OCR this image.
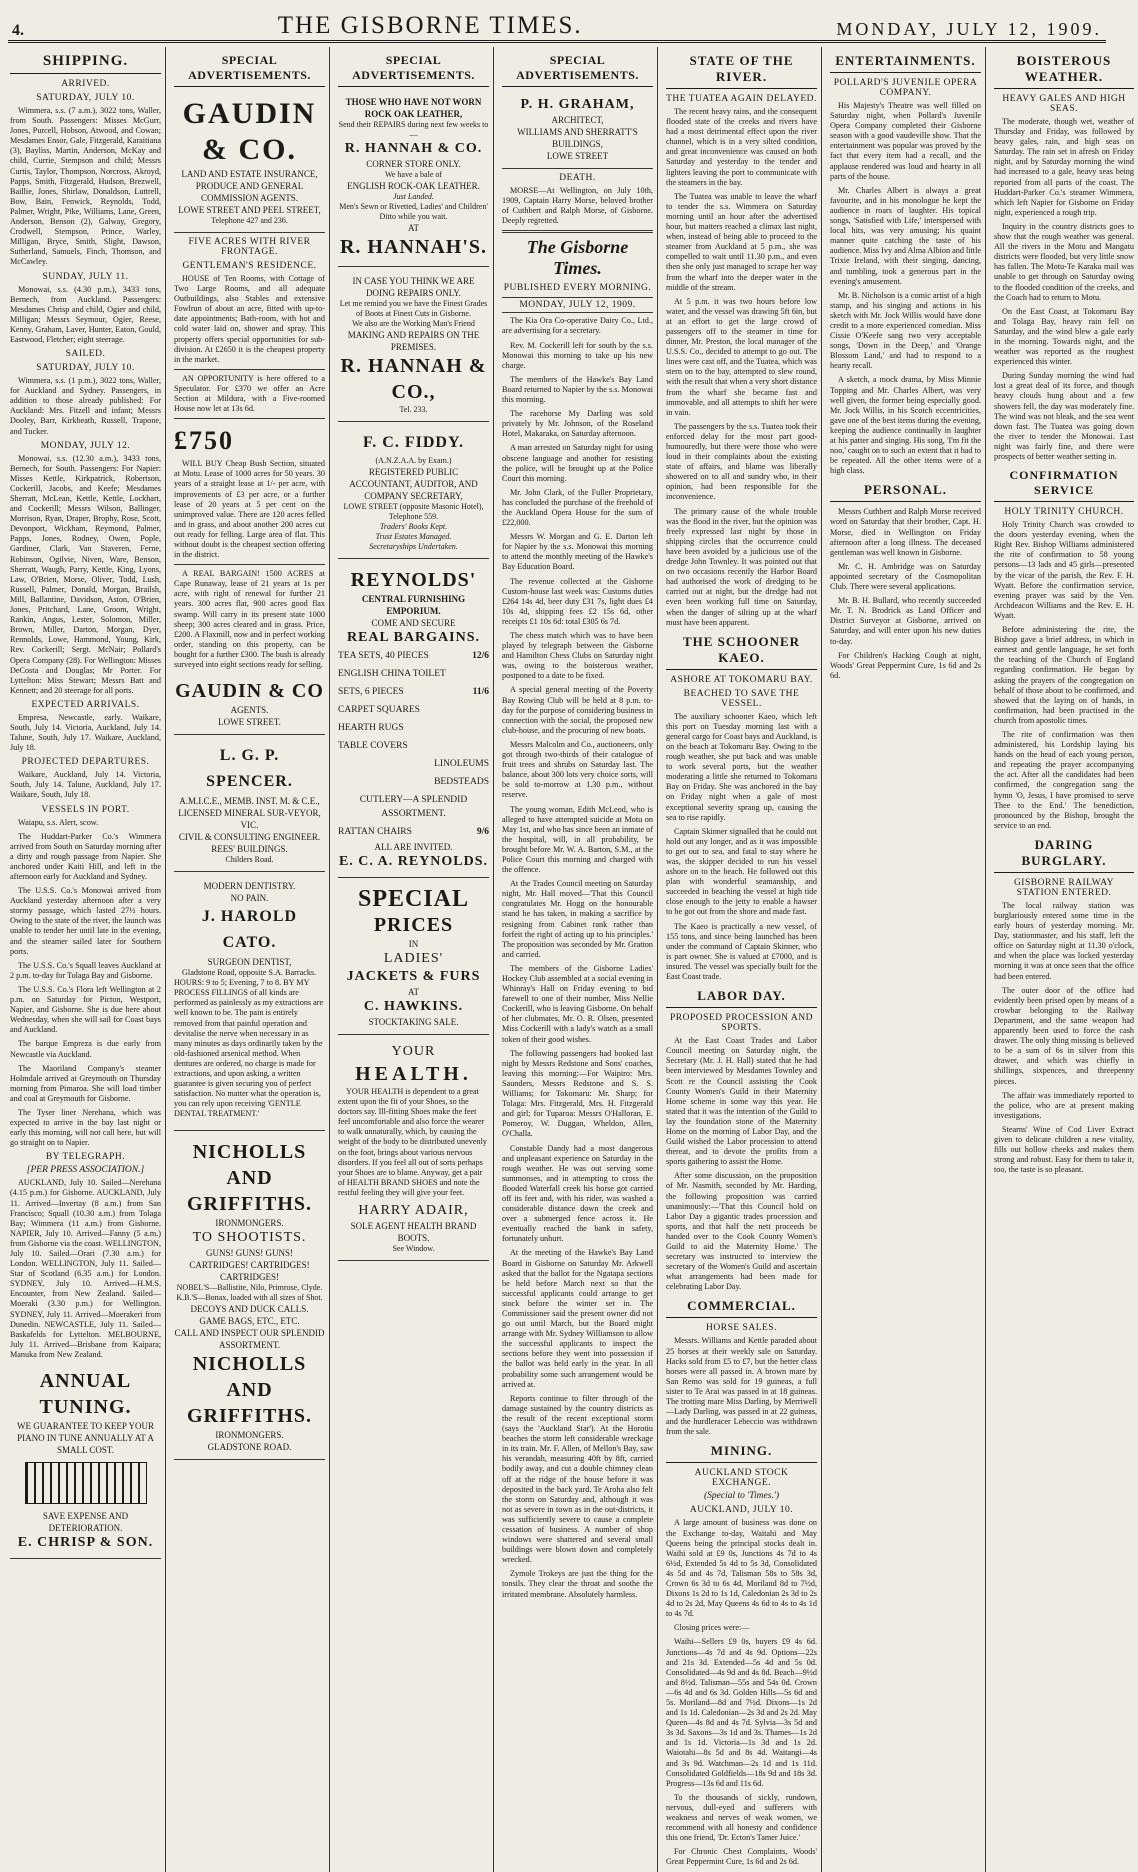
4.	THE GISBORNE TIMES.	MONDAY, JULY 12, 1909.
SHIPPING.
ARRIVED.
SATURDAY, JULY 10.

Wimmera, s.s. (7 a.m.), 3022 tons, Waller, from South. Passengers: Misses McGurr, Jones, Purcell, Hobson, Atwood, and Cowan; Mesdames Ensor, Gale, Fitzgerald, Karaitiana (3), Bayliss, Martin, Anderson, McKay and child, Currie, Stempson and child; Messrs Curtis, Taylor, Thompson, Norcross, Akroyd, Papps, Smith, Fitzgerald, Hudson, Brezwell, Baillie, Jones, Shirlaw, Donaldson, Luttrell, Bow, Bain, Fenwick, Reynolds, Todd, Palmer, Wright, Pike, Williams, Lane, Green, Anderson, Benson (2), Galway, Gregory, Crodwell, Stempson, Prince, Warley, Milligan, Bryce, Smith, Slight, Dawson, Sutherland, Samuels, Finch, Thomson, and McCawley.

SUNDAY, JULY 11.

Monowai, s.s. (4.30 p.m.), 3433 tons, Bernech, from Auckland. Passengers: Mesdames Chrisp and child, Ogier and child, Milligan; Messrs Seymour, Ogier, Reese, Kenny, Graham, Laver, Hunter, Eaton, Gould, Eastwood, Fletcher; eight steerage.

SAILED.
SATURDAY, JULY 10.

Wimmera, s.s. (1 p.m.), 3022 tons, Waller, for Auckland and Sydney. Passengers, in addition to those already published: For Auckland: Mrs. Fitzell and infant; Messrs Dooley, Barr, Kirkbeath, Russell, Trapone, and Tucker.

MONDAY, JULY 12.

Monowai, s.s. (12.30 a.m.), 3433 tons, Bernech, for South. Passengers: For Napier: Misses Kettle, Kirkpatrick, Robertson, Cockerill, Jacobs, and Keefe; Mesdames Sherratt, McLean, Kettle, Kettle, Lockhart, and Cockerill; Messrs Wilson, Ballinger, Morrison, Ryan, Draper, Brophy, Rose, Scott, Devonport, Wickham, Reymond, Palmer, Papps, Jones, Rodney, Owen, Pople, Gardiner, Clark, Van Staveren, Ferne, Robinson, Ogilvie, Niven, Ware, Benson, Sherratt, Waugh, Parry, Kettle, King, Lyons, Law, O'Brien, Morse, Oliver, Todd, Lush, Russell, Palmer, Donald, Morgan, Brailsh, Mill, Ballantine, Davidson, Aston, O'Brien, Jones, Pritchard, Lane, Groom, Wright, Rankin, Angus, Lester, Solomon, Miller, Brown, Miller, Darton, Morgan, Dyer, Rennolds, Lowe, Hammond, Young, Kirk, Rev. Cockerill; Sergt. McNair; Pollard's Opera Company (28). For Wellington: Misses DeCosta and Douglas; Mr Porter. For Lyttelton: Miss Stewart; Messrs Batt and Kennett; and 20 steerage for all ports.

EXPECTED ARRIVALS.

Empresa, Newcastle, early. Waikare, South, July 14. Victoria, Auckland, July 14. Talune, South, July 17. Waikare, Auckland, July 18.

PROJECTED DEPARTURES.

Waikare, Auckland, July 14. Victoria, South, July 14. Talune, Auckland, July 17. Waikare, South, July 18.

VESSELS IN PORT.

Waiapu, s.s. Alert, scow.

The Huddart-Parker Co.'s Wimmera arrived from South on Saturday morning after a dirty and rough passage from Napier. She anchored under Kaiti Hill, and left in the afternoon early for Auckland and Sydney.

The U.S.S. Co.'s Monowai arrived from Auckland yesterday afternoon after a very stormy passage, which lasted 27½ hours. Owing to the state of the river, the launch was unable to tender her until late in the evening, and the steamer sailed later for Southern ports.

The U.S.S. Co.'s Squall leaves Auckland at 2 p.m. to-day for Tolaga Bay and Gisborne.

The U.S.S. Co.'s Flora left Wellington at 2 p.m. on Saturday for Picton, Westport, Napier, and Gisborne. She is due here about Wednesday, when she will sail for Coast bays and Auckland.

The barque Empreza is due early from Newcastle via Auckland.

The Maoriland Company's steamer Holmdale arrived at Greymouth on Thursday morning from Pimaroa. She will load timber and coal at Greymouth for Gisborne.

The Tyser liner Nerehana, which was expected to arrive in the bay last night or early this morning, will not call here, but will go straight on to Napier.

BY TELEGRAPH.
[PER PRESS ASSOCIATION.]

AUCKLAND, July 10. Sailed—Nerehana (4.15 p.m.) for Gisborne. AUCKLAND, July 11. Arrived—Invertay (8 a.m.) from San Francisco; Squall (10.30 a.m.) from Tolaga Bay; Wimmera (11 a.m.) from Gisborne. NAPIER, July 10. Arrived—Fanny (5 a.m.) from Gisborne via the coast. WELLINGTON, July 10. Sailed—Orari (7.30 a.m.) for London. WELLINGTON, July 11. Sailed—Star of Scotland (6.35 a.m.) for London. SYDNEY, July 10. Arrived—H.M.S. Encounter, from New Zealand. Sailed—Moeraki (3.30 p.m.) for Wellington. SYDNEY, July 11. Arrived—Moerakeri from Dunedin. NEWCASTLE, July 11. Sailed—Baskafelds for Lyttelton. MELBOURNE, July 11. Arrived—Brisbane from Kaipara; Manuka from New Zealand.

ANNUAL
TUNING.
WE GUARANTEE TO KEEP YOUR PIANO IN TUNE ANNUALLY AT A SMALL COST.
SAVE EXPENSE AND DETERIORATION.
E. CHRISP & SON.
SPECIAL ADVERTISEMENTS.
GAUDIN & CO.
LAND AND ESTATE INSURANCE, PRODUCE AND GENERAL COMMISSION AGENTS.
LOWE STREET AND PEEL STREET,
Telephone 427 and 236.
FIVE ACRES WITH RIVER FRONTAGE.
GENTLEMAN'S RESIDENCE.

HOUSE of Ten Rooms, with Cottage of Two Large Rooms, and all adequate Outbuildings, also Stables and extensive Fowlrun of about an acre, fitted with up-to-date appointments; Bath-room, with hot and cold water laid on, shower and spray. This property offers special opportunities for sub-division. At £2650 it is the cheapest property in the market.

AN OPPORTUNITY is here offered to a Speculator. For £370 we offer an Acre Section at Mildura, with a Five-roomed House now let at 13s 6d.

£750

WILL BUY Cheap Bush Section, situated at Motu. Lease of 1000 acres for 50 years. 30 years of a straight lease at 1/- per acre, with improvements of £3 per acre, or a further lease of 20 years at 5 per cent on the unimproved value. There are 120 acres felled and in grass, and about another 200 acres cut out ready for felling. Large area of flat. This without doubt is the cheapest section offering in the district.

A REAL BARGAIN! 1500 ACRES at Cape Runaway, lease of 21 years at 1s per acre, with right of renewal for further 21 years. 300 acres flat, 900 acres good flax swamp. Will carry in its present state 1000 sheep; 300 acres cleared and in grass. Price, £200. A Flaxmill, now and in perfect working order, standing on this property, can be bought for a further £300. The bush is already surveyed into eight sections ready for selling.

GAUDIN & CO
AGENTS.
LOWE STREET.
L. G. P. SPENCER.
A.M.I.C.E., MEMB. INST. M. & C.E., LICENSED MINERAL SUR-VEYOR, VIC.
CIVIL & CONSULTING ENGINEER.
REES' BUILDINGS.
Childers Road.
MODERN DENTISTRY.
NO PAIN.
J. HAROLD CATO.
SURGEON DENTIST,

Gladstone Road, opposite S.A. Barracks. HOURS: 9 to 5; Evening, 7 to 8. BY MY PROCESS FILLINGS of all kinds are performed as painlessly as my extractions are well known to be. The pain is entirely removed from that painful operation and devitalise the nerve when necessary in as many minutes as days ordinarily taken by the old-fashioned arsenical method. When dentures are ordered, no charge is made for extractions, and upon asking, a written guarantee is given securing you of perfect satisfaction. No matter what the operation is, you can rely upon receiving 'GENTLE DENTAL TREATMENT.'

NICHOLLS AND GRIFFITHS.
IRONMONGERS.
TO SHOOTISTS.
GUNS! GUNS! GUNS!
CARTRIDGES! CARTRIDGES! CARTRIDGES!
NOBEL'S—Ballistite, Nilo, Primrose, Clyde.
K.B.'S—Bonax, loaded with all sizes of Shot.
DECOYS AND DUCK CALLS.
GAME BAGS, ETC., ETC.
CALL AND INSPECT OUR SPLENDID ASSORTMENT.
NICHOLLS AND GRIFFITHS.
IRONMONGERS.
GLADSTONE ROAD.
SPECIAL ADVERTISEMENTS.
THOSE WHO HAVE NOT WORN ROCK OAK LEATHER,
Send their REPAIRS during next few weeks to—
R. HANNAH & CO.
CORNER STORE ONLY.
We have a bale of
ENGLISH ROCK-OAK LEATHER.
Just Landed.
Men's Sewn or Rivetted, Ladies' and Children' Ditto while you wait.
AT
R. HANNAH'S.
IN CASE YOU THINK WE ARE DOING REPAIRS ONLY.
Let me remind you we have the Finest Grades of Boots at Finest Cuts in Gisborne.
We also are the Working Man's Friend
MAKING AND REPAIRS ON THE PREMISES.
R. HANNAH & CO.,
Tel. 233.
F. C. FIDDY.
(A.N.Z.A.A. by Exam.)
REGISTERED PUBLIC ACCOUNTANT, AUDITOR, AND COMPANY SECRETARY,
LOWE STREET (opposite Masonic Hotel), Telephone 559.
Traders' Books Kept.
Trust Estates Managed.
Secretaryships Undertaken.
REYNOLDS'
CENTRAL FURNISHING EMPORIUM.
COME AND SECURE
REAL BARGAINS.
TEA SETS, 40 PIECES	12/6
ENGLISH CHINA TOILET
SETS, 6 PIECES	11/6
CARPET SQUARES
HEARTH RUGS
TABLE COVERS
LINOLEUMS
BEDSTEADS
CUTLERY—A SPLENDID ASSORTMENT.
RATTAN CHAIRS	9/6
ALL ARE INVITED.
E. C. A. REYNOLDS.
SPECIAL
PRICES
IN
LADIES'
JACKETS & FURS
AT
C. HAWKINS.
STOCKTAKING SALE.
YOUR
HEALTH.

YOUR HEALTH is dependent to a great extent upon the fit of your Shoes, so the doctors say. Ill-fitting Shoes make the feet feel uncomfortable and also force the wearer to walk unnaturally, which, by causing the weight of the body to be distributed unevenly on the foot, brings about various nervous disorders. If you feel all out of sorts perhaps your Shoes are to blame. Anyway, get a pair of HEALTH BRAND SHOES and note the restful feeling they will give your feet.

HARRY ADAIR,
SOLE AGENT HEALTH BRAND BOOTS.
See Window.
SPECIAL ADVERTISEMENTS.
P. H. GRAHAM,
ARCHITECT,
WILLIAMS AND SHERRATT'S BUILDINGS,
LOWE STREET
DEATH.

MORSE—At Wellington, on July 10th, 1909, Captain Harry Morse, beloved brother of Cuthbert and Ralph Morse, of Gisborne. Deeply regretted.

The Gisborne Times.
PUBLISHED EVERY MORNING.
MONDAY, JULY 12, 1909.

The Kia Ora Co-operative Dairy Co., Ltd., are advertising for a secretary.

Rev. M. Cockerill left for south by the s.s. Monowai this morning to take up his new charge.

The members of the Hawke's Bay Land Board returned to Napier by the s.s. Monowai this morning.

The racehorse My Darling was sold privately by Mr. Johnson, of the Roseland Hotel, Makaraka, on Saturday afternoon.

A man arrested on Saturday night for using obscene language and another for resisting the police, will be brought up at the Police Court this morning.

Mr. John Clark, of the Fuller Proprietary, has concluded the purchase of the freehold of the Auckland Opera House for the sum of £22,000.

Messrs W. Morgan and G. E. Darton left for Napier by the s.s. Monowai this morning to attend the monthly meeting of the Hawke's Bay Education Board.

The revenue collected at the Gisborne Custom-house last week was: Customs duties £264 14s 4d, beer duty £31 7s, light dues £4 10s 4d, shipping fees £2 15s 6d, other receipts £1 10s 6d: total £305 6s 7d.

The chess match which was to have been played by telegraph between the Gisborne and Hamilton Chess Clubs on Saturday night was, owing to the boisterous weather, postponed to a date to be fixed.

A special general meeting of the Poverty Bay Rowing Club will be held at 8 p.m. to-day for the purpose of considering business in connection with the social, the proposed new club-house, and the procuring of new boats.

Messrs Malcolm and Co., auctioneers, only got through two-thirds of their catalogue of fruit trees and shrubs on Saturday last. The balance, about 300 lots very choice sorts, will be sold to-morrow at 1.30 p.m., without reserve.

The young woman, Edith McLeod, who is alleged to have attempted suicide at Motu on May 1st, and who has since been an inmate of the hospital, will, in all probability, be brought before Mr. W. A. Barton, S.M., at the Police Court this morning and charged with the offence.

At the Trades Council meeting on Saturday night, Mr. Hall moved—'That this Council congratulates Mr. Hogg on the honourable stand he has taken, in making a sacrifice by resigning from Cabinet rank rather than forfeit the right of acting up to his principles.' The proposition was seconded by Mr. Gratton and carried.

The members of the Gisborne Ladies' Hockey Club assembled at a social evening in Whinray's Hall on Friday evening to bid farewell to one of their number, Miss Nellie Cockerill, who is leaving Gisborne. On behalf of her clubmates, Mr. O. R. Olsen, presented Miss Cockerill with a lady's watch as a small token of their good wishes.

The following passengers had booked last night by Messrs Redstone and Sons' coaches, leaving this morning:—For Waipiro: Mrs. Saunders, Messrs Redstone and S. S. Williams; for Tokomaru: Mr. Sharp; for Tolaga: Mrs. Fitzgerald, Mrs. H. Fitzgerald and girl; for Tuparoa: Messrs O'Halloran, E. Pomeroy, W. Duggan, Wheldon, Allen, O'Challa.

Constable Dandy had a most dangerous and unpleasant experience on Saturday in the rough weather. He was out serving some summonses, and in attempting to cross the flooded Waterfall creek his horse got carried off its feet and, with his rider, was washed a considerable distance down the creek and over a submerged fence across it. He eventually reached the bank in safety, fortunately unhurt.

At the meeting of the Hawke's Bay Land Board in Gisborne on Saturday Mr. Arkwell asked that the ballot for the Ngatapa sections be held before March next so that the successful applicants could arrange to get stock before the winter set in. The Commissioner said the present owner did not go out until March, but the Board might arrange with Mr. Sydney Williamson to allow the successful applicants to inspect the sections before they went into possession if the ballot was held early in the year. In all probability some such arrangement would be arrived at.

Reports continue to filter through of the damage sustained by the country districts as the result of the recent exceptional storm (says the 'Auckland Star'). At the Horotiu beaches the storm left considerable wreckage in its train. Mr. F. Allen, of Mellon's Bay, saw his verandah, measuring 40ft by 8ft, carried bodily away, and cut a double chimney clean off at the ridge of the house before it was deposited in the back yard. Te Aroha also felt the storm on Saturday and, although it was not as severe in town as in the out-districts, it was sufficiently severe to cause a complete cessation of business. A number of shop windows were shattered and several small buildings were blown down and completely wrecked.

Zymole Trokeys are just the thing for the tonsils. They clear the throat and soothe the irritated membrane. Absolutely harmless.

STATE OF THE RIVER.
THE TUATEA AGAIN DELAYED.

The recent heavy rains, and the consequent flooded state of the creeks and rivers have had a most detrimental effect upon the river channel, which is in a very silted condition, and great inconvenience was caused on both Saturday and yesterday to the tender and lighters leaving the port to communicate with the steamers in the bay.

The Tuatea was unable to leave the wharf to tender the s.s. Wimmera on Saturday morning until an hour after the advertised hour, but matters reached a climax last night, when, instead of being able to proceed to the steamer from Auckland at 5 p.m., she was compelled to wait until 11.30 p.m., and even then she only just managed to scrape her way from the wharf into the deeper water in the middle of the stream.

At 5 p.m. it was two hours before low water, and the vessel was drawing 5ft 6in, but at an effort to get the large crowd of passengers off to the steamer in time for dinner, Mr. Preston, the local manager of the U.S.S. Co., decided to attempt to go out. The lines were cast off, and the Tuatea, which was stern on to the bay, attempted to slew round, with the result that when a very short distance from the wharf she became fast and immovable, and all attempts to shift her were in vain.

The passengers by the s.s. Tuatea took their enforced delay for the most part good-humouredly, but there were those who were loud in their complaints about the existing state of affairs, and blame was liberally showered on to all and sundry who, in their opinion, had been responsible for the inconvenience.

The primary cause of the whole trouble was the flood in the river, but the opinion was freely expressed last night by those in shipping circles that the occurrence could have been avoided by a judicious use of the dredge John Townley. It was pointed out that on two occasions recently the Harbor Board had authorised the work of dredging to be carried out at night, but the dredge had not even been working full time on Saturday, when the danger of silting up at the wharf must have been apparent.

THE SCHOONER KAEO.
ASHORE AT TOKOMARU BAY.
BEACHED TO SAVE THE VESSEL.

The auxiliary schooner Kaeo, which left this port on Tuesday morning last with a general cargo for Coast bays and Auckland, is on the beach at Tokomaru Bay. Owing to the rough weather, she put back and was unable to work several ports, but the weather moderating a little she returned to Tokomaru Bay on Friday. She was anchored in the bay on Friday night when a gale of most exceptional severity sprang up, causing the sea to rise rapidly.

Captain Skinner signalled that he could not hold out any longer, and as it was impossible to get out to sea, and fatal to stay where he was, the skipper decided to run his vessel ashore on to the beach. He followed out this plan with wonderful seamanship, and succeeded in beaching the vessel at high tide close enough to the jetty to enable a hawser to be got out from the shore and made fast.

The Kaeo is practically a new vessel, of 155 tons, and since being launched has been under the command of Captain Skinner, who is part owner. She is valued at £7000, and is insured. The vessel was specially built for the East Coast trade.

LABOR DAY.
PROPOSED PROCESSION AND SPORTS.

At the East Coast Trades and Labor Council meeting on Saturday night, the Secretary (Mr. J. H. Hall) stated that he had been interviewed by Mesdames Townley and Scott re the Council assisting the Cook County Women's Guild in their Maternity Home scheme in some way this year. He stated that it was the intention of the Guild to lay the foundation stone of the Maternity Home on the morning of Labor Day, and the Guild wished the Labor procession to attend thereat, and to devote the profits from a sports gathering to assist the Home.

After some discussion, on the proposition of Mr. Nasmith, seconded by Mr. Harding, the following proposition was carried unanimously:—'That this Council hold on Labor Day a gigantic trades procession and sports, and that half the nett proceeds be handed over to the Cook County Women's Guild to aid the Maternity Home.' The secretary was instructed to interview the secretary of the Women's Guild and ascertain what arrangements had been made for celebrating Labor Day.

COMMERCIAL.
HORSE SALES.

Messrs. Williams and Kettle paraded about 25 horses at their weekly sale on Saturday. Hacks sold from £5 to £7, but the better class horses were all passed in. A brown mare by San Remo was sold for 19 guineas, a full sister to Te Arai was passed in at 18 guineas. The trotting mare Miss Darling, by Merriwell—Lady Darling, was passed in at 22 guineas, and the hurdleracer Lebeccio was withdrawn from the sale.

MINING.
AUCKLAND STOCK EXCHANGE.
(Special to 'Times.')
AUCKLAND, JULY 10.

A large amount of business was done on the Exchange to-day, Waitahi and May Queens being the principal stocks dealt in. Waihi sold at £9 0s, Junctions 4s 7d to 4s 6½d, Extended 5s 4d to 5s 3d, Consolidated 4s 5d and 4s 7d, Talisman 58s to 58s 3d, Crown 6s 3d to 6s 4d, Moriland 8d to 7½d, Dixons 1s 2d to 1s 1d, Caledonian 2s 3d to 2s 4d to 2s 2d, May Queens 4s 6d to 4s to 4s 1d to 4s 7d.

Closing prices were:—

Waihi—Sellers £9 0s, buyers £9 4s 6d. Junctions—4s 7d and 4s 9d. Options—22s and 21s 3d. Extended—5s 4d and 5s 0d. Consolidated—4s 9d and 4s 8d. Beach—9½d and 8½d. Talisman—55s and 54s 0d. Crown—6s 4d and 6s 3d. Golden Hills—5s 6d and 5s. Moriland—8d and 7½d. Dixons—1s 2d and 1s 1d. Caledonian—2s 3d and 2s 2d. May Queen—4s 8d and 4s 7d. Sylvia—3s 5d and 3s 3d. Saxons—3s 1d and 3s. Thames—1s 2d and 1s 1d. Victoria—1s 3d and 1s 2d. Waiotahi—8s 5d and 8s 4d. Waitangi—4s and 3s 9d. Watchman—2s 1d and 1s 11d. Consolidated Goldfields—18s 9d and 18s 3d. Progress—13s 6d and 11s 6d.

To the thousands of sickly, rundown, nervous, dull-eyed and sufferers with weakness and nerves of weak women, we recommend with all honesty and confidence this one friend, 'Dr. Ecton's Tamer Juice.'

For Chronic Chest Complaints, Woods' Great Peppermint Cure, 1s 6d and 2s 6d.

ENTERTAINMENTS.
POLLARD'S JUVENILE OPERA COMPANY.

His Majesty's Theatre was well filled on Saturday night, when Pollard's Juvenile Opera Company completed their Gisborne season with a good vaudeville show. That the entertainment was popular was proved by the fact that every item had a recall, and the applause rendered was loud and hearty in all parts of the house.

Mr. Charles Albert is always a great favourite, and in his monologue he kept the audience in roars of laughter. His topical songs, 'Satisfied with Life,' interspersed with local hits, was very amusing; his quaint manner quite catching the taste of his audience. Miss Ivy and Alma Albion and little Trixie Ireland, with their singing, dancing, and tumbling, took a generous part in the evening's amusement.

Mr. B. Nicholson is a comic artist of a high stamp, and his singing and actions in his sketch with Mr. Jock Willis would have done credit to a more experienced comedian. Miss Cissie O'Keefe sang two very acceptable songs, 'Down in the Deep,' and 'Orange Blossom Land,' and had to respond to a hearty recall.

A sketch, a mock drama, by Miss Minnie Topping and Mr. Charles Albert, was very well given, the former being especially good. Mr. Jock Willis, in his Scotch eccentricities, gave one of the best items during the evening, keeping the audience continually in laughter at his patter and singing. His song, 'I'm fit the noo,' caught on to such an extent that it had to be repeated. All the other items were of a high class.

PERSONAL.

Messrs Cuthbert and Ralph Morse received word on Saturday that their brother, Capt. H. Morse, died in Wellington on Friday afternoon after a long illness. The deceased gentleman was well known in Gisborne.

Mr. C. H. Ambridge was on Saturday appointed secretary of the Cosmopolitan Club. There were several applications.

Mr. B. H. Bullard, who recently succeeded Mr. T. N. Brodrick as Land Officer and District Surveyor at Gisborne, arrived on Saturday, and will enter upon his new duties to-day.

For Children's Hacking Cough at night, Woods' Great Peppermint Cure, 1s 6d and 2s 6d.

BOISTEROUS WEATHER.
HEAVY GALES AND HIGH SEAS.

The moderate, though wet, weather of Thursday and Friday, was followed by heavy gales, rain, and high seas on Saturday. The rain set in afresh on Friday night, and by Saturday morning the wind had increased to a gale, heavy seas being reported from all parts of the coast. The Huddart-Parker Co.'s steamer Wimmera, which left Napier for Gisborne on Friday night, experienced a rough trip.

Inquiry in the country districts goes to show that the rough weather was general. All the rivers in the Motu and Mangatu districts were flooded, but very little snow has fallen. The Motu-Te Karaka mail was unable to get through on Saturday owing to the flooded condition of the creeks, and the Coach had to return to Motu.

On the East Coast, at Tokomaru Bay and Tolaga Bay, heavy rain fell on Saturday, and the wind blew a gale early in the morning. Towards night, and the weather was reported as the roughest experienced this winter.

During Sunday morning the wind had lost a great deal of its force, and though heavy clouds hung about and a few showers fell, the day was moderately fine. The wind was not bleak, and the sea went down fast. The Tuatea was going down the river to tender the Monowai. Last night was fairly fine, and there were prospects of better weather setting in.

CONFIRMATION SERVICE
HOLY TRINITY CHURCH.

Holy Trinity Church was crowded to the doors yesterday evening, when the Right Rev. Bishop Williams administered the rite of confirmation to 58 young persons—13 lads and 45 girls—presented by the vicar of the parish, the Rev. F. H. Wyatt. Before the confirmation service, evening prayer was said by the Ven. Archdeacon Williams and the Rev. E. H. Wyatt.

Before administering the rite, the Bishop gave a brief address, in which in earnest and gentle language, he set forth the teaching of the Church of England regarding confirmation. He began by asking the prayers of the congregation on behalf of those about to be confirmed, and showed that the laying on of hands, in confirmation, had been practised in the church from apostolic times.

The rite of confirmation was then administered, his Lordship laying his hands on the head of each young person, and repeating the prayer accompanying the act. After all the candidates had been confirmed, the congregation sang the hymn 'O, Jesus, I have promised to serve Thee to the End.' The benediction, pronounced by the Bishop, brought the service to an end.

DARING BURGLARY.
GISBORNE RAILWAY STATION ENTERED.

The local railway station was burglariously entered some time in the early hours of yesterday morning. Mr. Day, stationmaster, and his staff, left the office on Saturday night at 11.30 o'clock, and when the place was locked yesterday morning it was at once seen that the office had been entered.

The outer door of the office had evidently been prised open by means of a crowbar belonging to the Railway Department, and the same weapon had apparently been used to force the cash drawer. The only thing missing is believed to be a sum of 6s in silver from this drawer, and which was chiefly in shillings, sixpences, and threepenny pieces.

The affair was immediately reported to the police, who are at present making investigations.

Stearns' Wine of Cod Liver Extract given to delicate children a new vitality, fills out hollow cheeks and makes them strong and robust. Easy for them to take it, too, the taste is so pleasant.
